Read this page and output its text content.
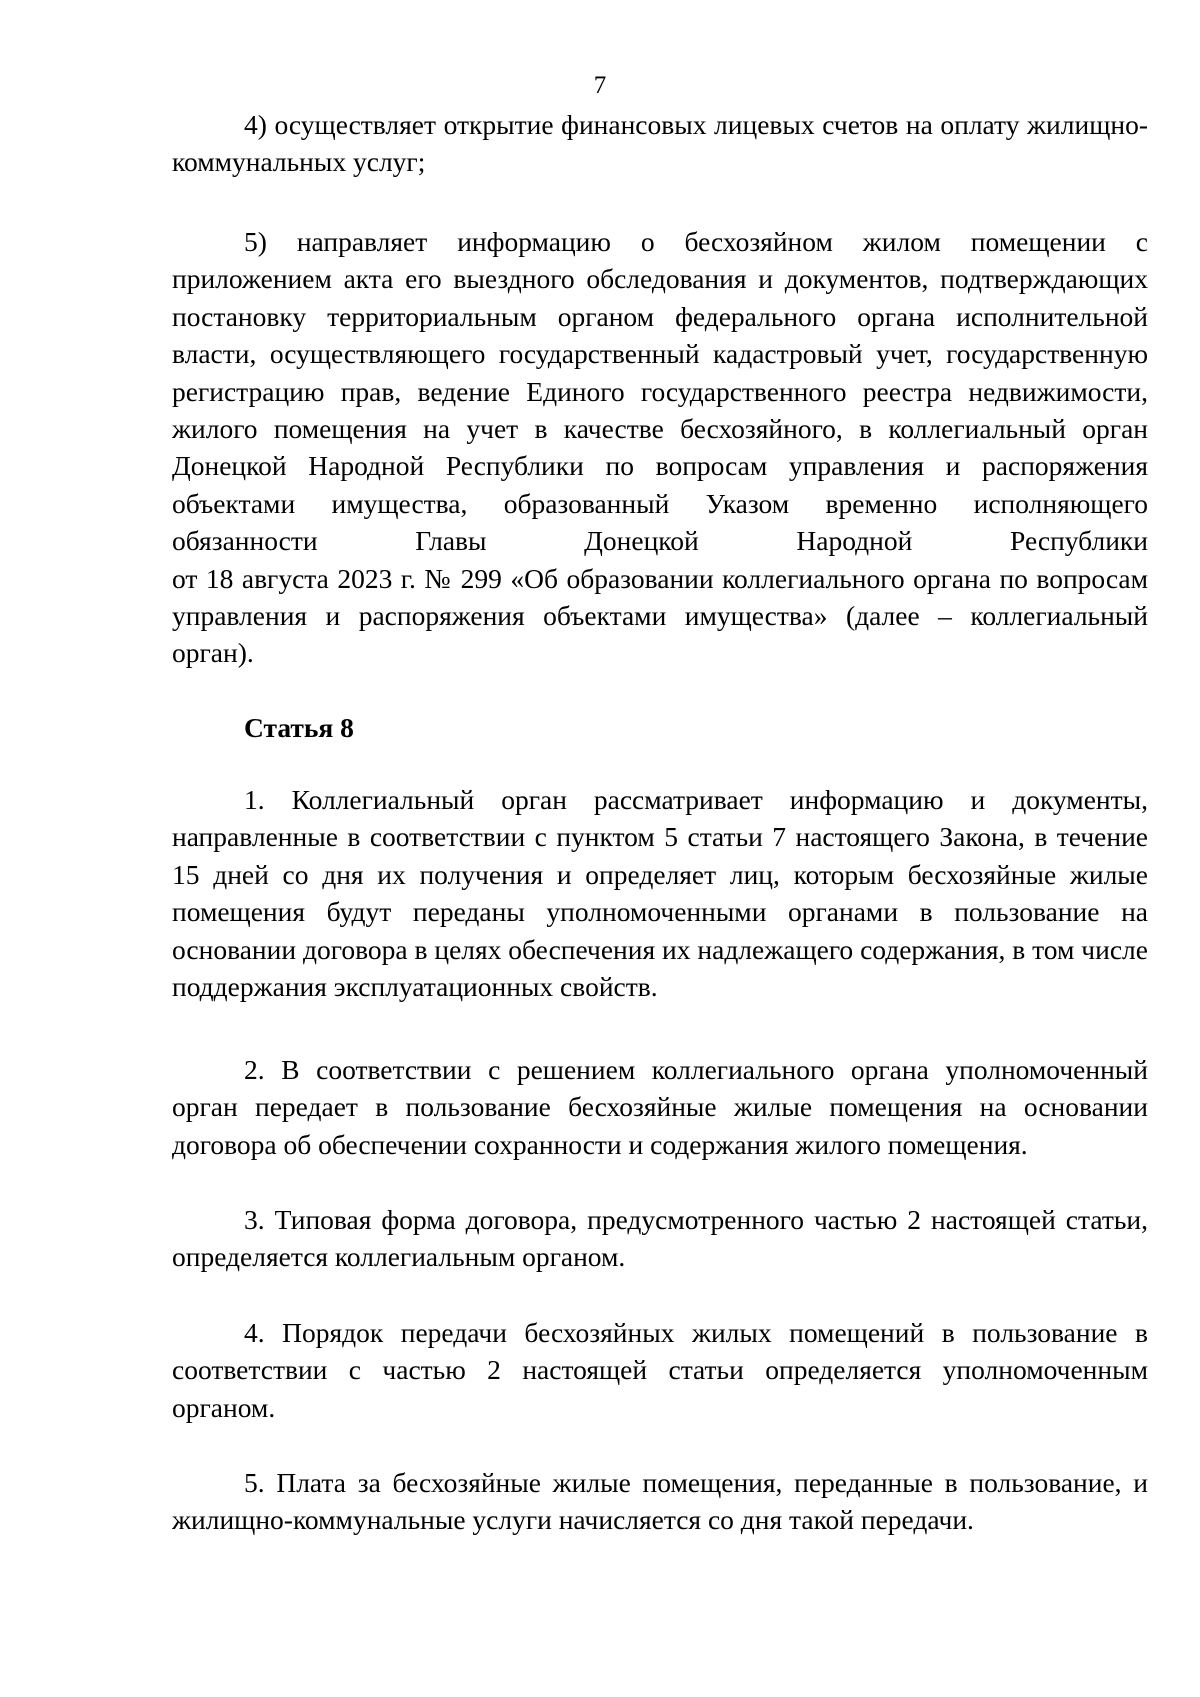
7

4) осуществляет открытие финансовых лицевых счетов на оплату жилищно-коммунальных услуг;

5) направляет информацию о бесхозяйном жилом помещении с приложением акта его выездного обследования и документов, подтверждающих постановку территориальным органом федерального органа исполнительной власти, осуществляющего государственный кадастровый учет, государственную регистрацию прав, ведение Единого государственного реестра недвижимости, жилого помещения на учет в качестве бесхозяйного, в коллегиальный орган Донецкой Народной Республики по вопросам управления и распоряжения объектами имущества, образованный Указом временно исполняющего
обязанности Главы Донецкой Народной Республики
от 18 августа 2023 г. № 299 «Об образовании коллегиального органа по вопросам управления и распоряжения объектами имущества» (далее – коллегиальный орган).
Статья 8

1. Коллегиальный орган рассматривает информацию и документы, направленные в соответствии с пунктом 5 статьи 7 настоящего Закона, в течение 15 дней со дня их получения и определяет лиц, которым бесхозяйные жилые помещения будут переданы уполномоченными органами в пользование на основании договора в целях обеспечения их надлежащего содержания, в том числе поддержания эксплуатационных свойств.

2. В соответствии с решением коллегиального органа уполномоченный орган передает в пользование бесхозяйные жилые помещения на основании договора об обеспечении сохранности и содержания жилого помещения.

3. Типовая форма договора, предусмотренного частью 2 настоящей статьи, определяется коллегиальным органом.

4. Порядок передачи бесхозяйных жилых помещений в пользование в соответствии с частью 2 настоящей статьи определяется уполномоченным органом.

5. Плата за бесхозяйные жилые помещения, переданные в пользование, и жилищно-коммунальные услуги начисляется со дня такой передачи.
